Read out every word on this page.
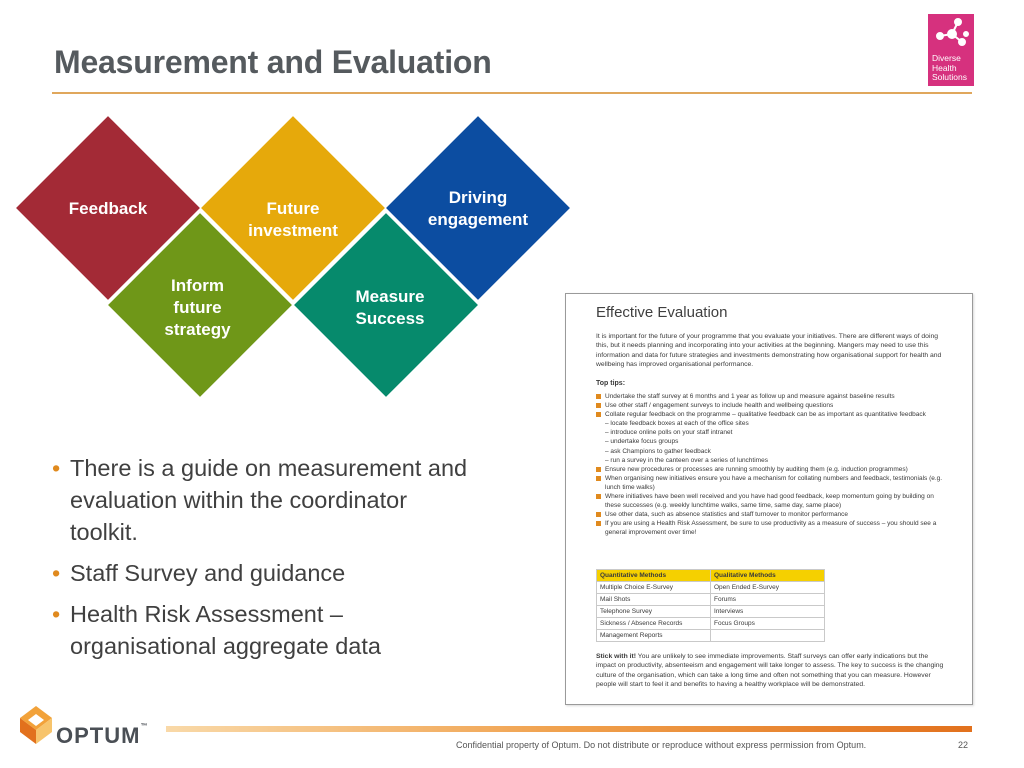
Measurement and Evaluation	Diverse
Health
Solutions
Feedback	Future investment
Driving engagement
Inform future strategy
Measure Success
• There is a guide on measurement and evaluation within the coordinator toolkit.
• Staff Survey and guidance
• Health Risk Assessment – organisational aggregate data
Effective Evaluation
It is important for the future of your programme that you evaluate your initiatives. There are different ways of doing this, but it needs planning and incorporating into your activities at the beginning. Mangers may need to use this information and data for future strategies and investments demonstrating how organisational support for health and wellbeing has improved organisational performance.
Top tips:
Undertake the staff survey at 6 months and 1 year as follow up and measure against baseline results
Use other staff / engagement surveys to include health and wellbeing questions
Collate regular feedback on the programme – qualitative feedback can be as important as quantitative feedback
– locate feedback boxes at each of the office sites
– introduce online polls on your staff intranet
– undertake focus groups
– ask Champions to gather feedback
– run a survey in the canteen over a series of lunchtimes
Ensure new procedures or processes are running smoothly by auditing them (e.g. induction programmes)
When organising new initiatives ensure you have a mechanism for collating numbers and feedback, testimonials (e.g. lunch time walks)
Where initiatives have been well received and you have had good feedback, keep momentum going by building on these successes (e.g. weekly lunchtime walks, same time, same day, same place)
Use other data, such as absence statistics and staff turnover to monitor performance
If you are using a Health Risk Assessment, be sure to use productivity as a measure of success – you should see a general improvement over time!
Quantitative Methods	Qualitative Methods
Multiple Choice E-Survey	Open Ended E-Survey
Mail Shots	Forums
Telephone Survey	Interviews
Sickness / Absence Records	Focus Groups
Management Reports	
Stick with it! You are unlikely to see immediate improvements. Staff surveys can offer early indications but the impact on productivity, absenteeism and engagement will take longer to assess. The key to success is the changing culture of the organisation, which can take a long time and often not something that you can measure. However people will start to feel it and benefits to having a healthy workplace will be demonstrated.
OPTUM™
Confidential property of Optum. Do not distribute or reproduce without express permission from Optum.	22
